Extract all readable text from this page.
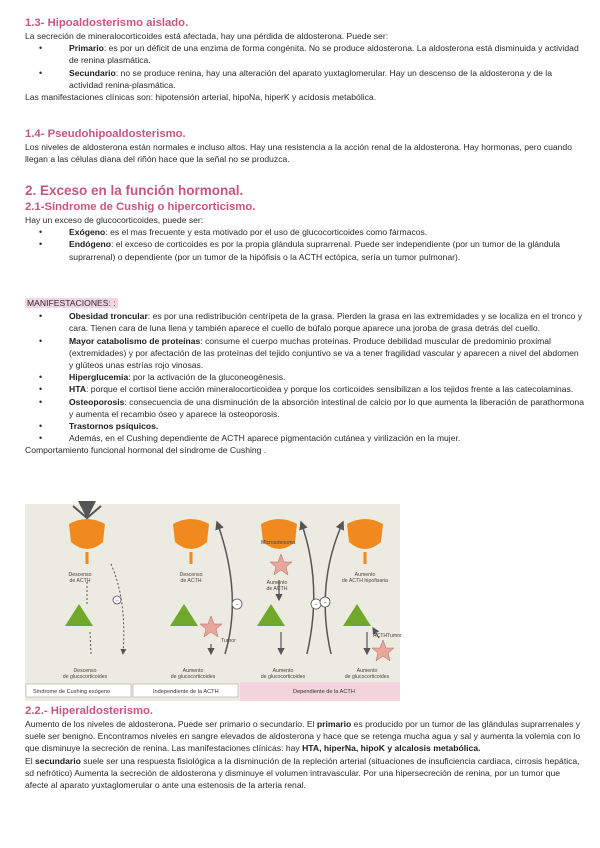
1.3- Hipoaldosterismo aislado.

La secreción de mineralocorticoides está afectada, hay una pérdida de aldosterona. Puede ser:

• Primario: es por un déficit de una enzima de forma congénita. No se produce aldosterona. La aldosterona está disminuida y actividad de renina plasmática.
• Secundario: no se produce renina, hay una alteración del aparato yuxtaglomerular. Hay un descenso de la aldosterona y de la actividad renina-plasmática.

Las manifestaciones clínicas son: hipotensión arterial, hipoNa, hiperK y acidosis metabólica.

1.4- Pseudohipoaldosterismo.

Los niveles de aldosterona están normales e incluso altos. Hay una resistencia a la acción renal de la aldosterona. Hay hormonas, pero cuando llegan a las células diana del riñón hace que la señal no se produzca.

2. Exceso en la función hormonal.
2.1-Síndrome de Cushig o hipercorticismo.

Hay un exceso de glucocorticoides, puede ser:

• Exógeno: es el mas frecuente y esta motivado por el uso de glucocorticoides como fármacos.
• Endógeno: el exceso de corticoides es por la propia glándula suprarrenal. Puede ser independiente (por un tumor de la glándula suprarrenal) o dependiente (por un tumor de la hipófisis o la ACTH ectópica, sería un tumor pulmonar).

MANIFESTACIONES: :

• Obesidad troncular: es por una redistribución centrípeta de la grasa. Pierden la grasa en las extremidades y se localiza en el tronco y cara. Tienen cara de luna llena y también aparece el cuello de búfalo porque aparece una joroba de grasa detrás del cuello.
• Mayor catabolismo de proteínas: consume el cuerpo muchas proteínas. Produce debilidad muscular de predominio proximal (extremidades) y por afectación de las proteínas del tejido conjuntivo se va a tener fragilidad vascular y aparecen a nivel del abdomen y glúteos unas estrías rojo vinosas.
• Hiperglucemia: por la activación de la gluconeogénesis.
• HTA: porque el cortisol tiene acción mineralocorticoidea y porque los corticoides sensibilizan a los tejidos frente a las catecolaminas.
• Osteoporosis: consecuencia de una disminución de la absorción intestinal de calcio por lo que aumenta la liberación de parathormona y aumenta el recambio óseo y aparece la osteoporosis.
• Trastornos psíquicos.
• Además, en el Cushing dependiente de ACTH aparece pigmentación cutánea y virilización en la mujer.

Comportamiento funcional hormonal del síndrome de Cushing .

−
Descenso
de ACTH
Descenso
de glucocorticoides
−
Tumor
Descenso
de ACTH
Aumento
de glucocorticoides
−
Microadenoma
Aumento
de ACTH
Aumento
de glucocorticoides
−
Aumento
de ACTH hipofisaria
ACTH Tumor
Aumento
de glucocorticoides
Síndrome de Cushing exógeno	Independiente de la ACTH	Dependiente de la ACTH
2.2.- Hiperaldosterismo.

Aumento de los niveles de aldosterona. Puede ser primario o secundario. El primario es producido por un tumor de las glándulas suprarrenales y suele ser benigno. Encontramos niveles en sangre elevados de aldosterona y hace que se retenga mucha agua y sal y aumenta la volemia con lo que disminuye la secreción de renina. Las manifestaciones clínicas: hay HTA, hiperNa, hipoK y alcalosis metabólica.

El secundario suele ser una respuesta fisiológica a la disminución de la repleción arterial (situaciones de insuficiencia cardiaca, cirrosis hepática, sd nefrótico) Aumenta la secreción de aldosterona y disminuye el volumen intravascular. Por una hipersecreción de renina, por un tumor que afecte al aparato yuxtaglomerular o ante una estenosis de la arteria renal.
